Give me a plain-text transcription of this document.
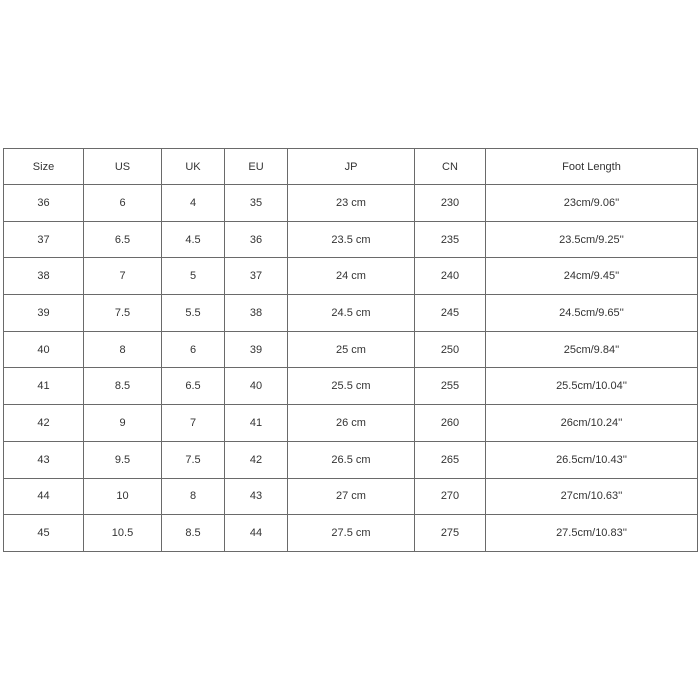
Size	US	UK	EU	JP	CN	Foot Length
36	6	4	35	23 cm	230	23cm/9.06''
37	6.5	4.5	36	23.5 cm	235	23.5cm/9.25''
38	7	5	37	24 cm	240	24cm/9.45''
39	7.5	5.5	38	24.5 cm	245	24.5cm/9.65''
40	8	6	39	25 cm	250	25cm/9.84''
41	8.5	6.5	40	25.5 cm	255	25.5cm/10.04''
42	9	7	41	26 cm	260	26cm/10.24''
43	9.5	7.5	42	26.5 cm	265	26.5cm/10.43''
44	10	8	43	27 cm	270	27cm/10.63''
45	10.5	8.5	44	27.5 cm	275	27.5cm/10.83''
